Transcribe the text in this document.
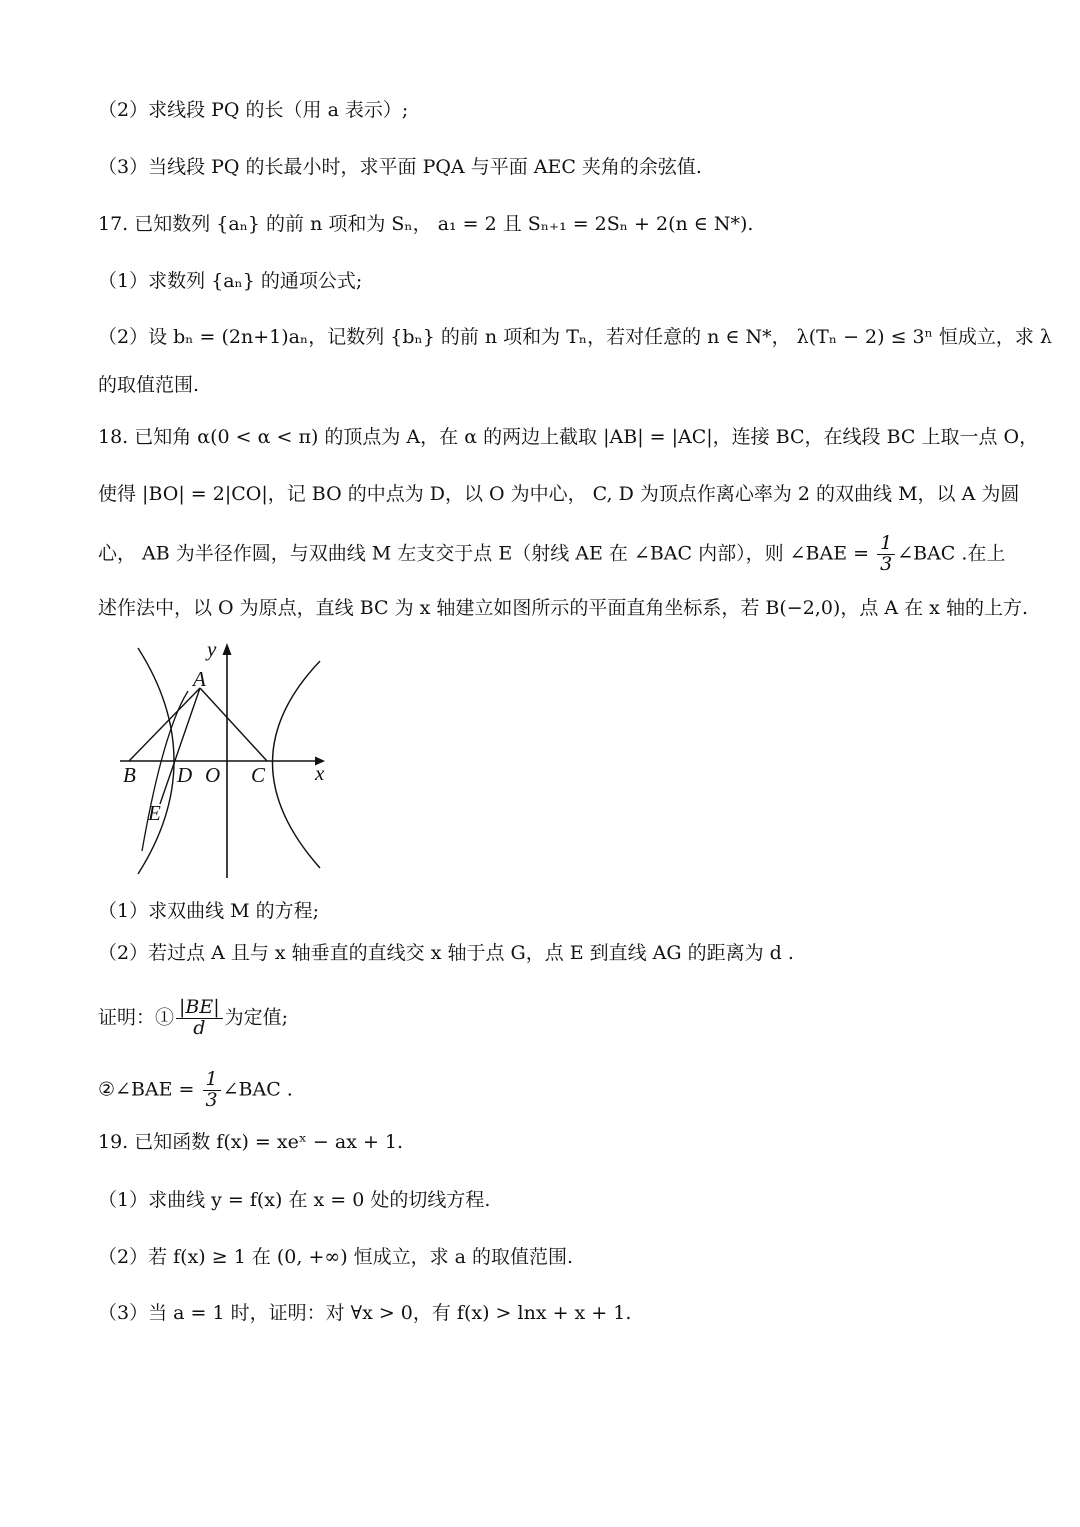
（2）求线段 PQ 的长（用 a 表示）;
（3）当线段 PQ 的长最小时，求平面 PQA 与平面 AEC 夹角的余弦值.
17. 已知数列 {aₙ} 的前 n 项和为 Sₙ， a₁ = 2 且 Sₙ₊₁ = 2Sₙ + 2(n ∈ N*).
（1）求数列 {aₙ} 的通项公式;
（2）设 bₙ = (2n+1)aₙ，记数列 {bₙ} 的前 n 项和为 Tₙ，若对任意的 n ∈ N*， λ(Tₙ − 2) ≤ 3ⁿ 恒成立，求 λ
的取值范围.
18. 已知角 α(0 < α < π) 的顶点为 A，在 α 的两边上截取 |AB| = |AC|，连接 BC，在线段 BC 上取一点 O，
使得 |BO| = 2|CO|，记 BO 的中点为 D，以 O 为中心， C, D 为顶点作离心率为 2 的双曲线 M，以 A 为圆
心， AB 为半径作圆，与双曲线 M 左支交于点 E（射线 AE 在 ∠BAC 内部），则 ∠BAE = $\frac{1}{3}$ ∠BAC .在上
述作法中，以 O 为原点，直线 BC 为 x 轴建立如图所示的平面直角坐标系，若 B(−2,0)，点 A 在 x 轴的上方.
y
A
B D O C x
E
（1）求双曲线 M 的方程;
（2）若过点 A 且与 x 轴垂直的直线交 x 轴于点 G，点 E 到直线 AG 的距离为 d .
证明：① $\frac{|BE|}{d}$ 为定值;
②∠BAE = $\frac{1}{3}$ ∠BAC .
19. 已知函数 f(x) = xeˣ − ax + 1.
（1）求曲线 y = f(x) 在 x = 0 处的切线方程.
（2）若 f(x) ≥ 1 在 (0, +∞) 恒成立，求 a 的取值范围.
（3）当 a = 1 时，证明：对 ∀x > 0，有 f(x) > lnx + x + 1.
